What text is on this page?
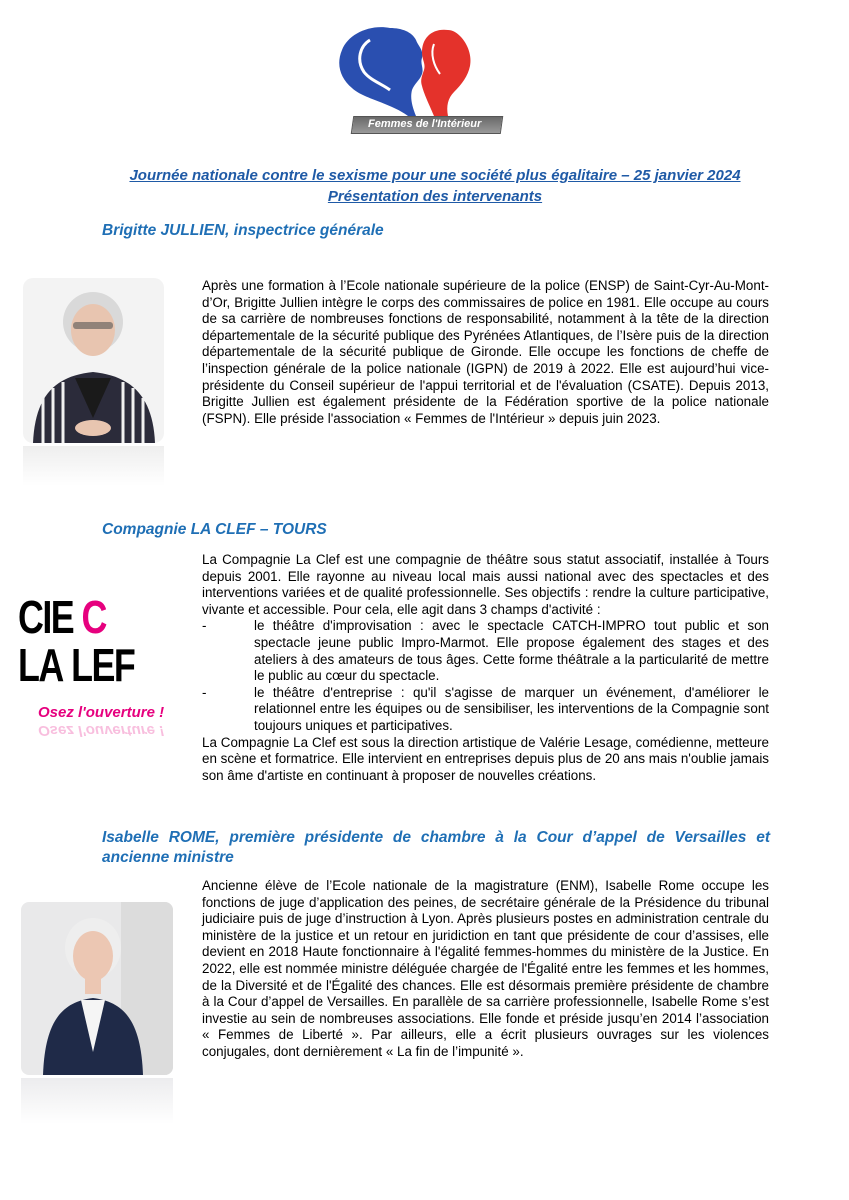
Femmes de l'Intérieur
Journée nationale contre le sexisme pour une société plus égalitaire – 25 janvier 2024
Présentation des intervenants
Brigitte JULLIEN, inspectrice générale

Après une formation à l’Ecole nationale supérieure de la police (ENSP) de Saint-Cyr-Au-Mont-d’Or, Brigitte Jullien intègre le corps des commissaires de police en 1981. Elle occupe au cours de sa carrière de nombreuses fonctions de responsabilité, notamment à la tête de la direction départementale de la sécurité publique des Pyrénées Atlantiques, de l’Isère puis de la direction départementale de la sécurité publique de Gironde. Elle occupe les fonctions de cheffe de l’inspection générale de la police nationale (IGPN) de 2019 à 2022. Elle est aujourd’hui vice-présidente du Conseil supérieur de l'appui territorial et de l'évaluation (CSATE). Depuis 2013, Brigitte Jullien est également présidente de la Fédération sportive de la police nationale (FSPN). Elle préside l'association « Femmes de l'Intérieur » depuis juin 2023.

Compagnie LA CLEF – TOURS
CIE C
LA LEF
Osez l'ouverture !
Osez l'ouverture !

La Compagnie La Clef est une compagnie de théâtre sous statut associatif, installée à Tours depuis 2001. Elle rayonne au niveau local mais aussi national avec des spectacles et des interventions variées et de qualité professionnelle. Ses objectifs : rendre la culture participative, vivante et accessible. Pour cela, elle agit dans 3 champs d'activité :

-	le théâtre d'improvisation : avec le spectacle CATCH-IMPRO tout public et son spectacle jeune public Impro-Marmot. Elle propose également des stages et des ateliers à des amateurs de tous âges. Cette forme théâtrale a la particularité de mettre le public au cœur du spectacle.
-	le théâtre d'entreprise : qu'il s'agisse de marquer un événement, d'améliorer le relationnel entre les équipes ou de sensibiliser, les interventions de la Compagnie sont toujours uniques et participatives.

La Compagnie La Clef est sous la direction artistique de Valérie Lesage, comédienne, metteure en scène et formatrice. Elle intervient en entreprises depuis plus de 20 ans mais n'oublie jamais son âme d'artiste en continuant à proposer de nouvelles créations.

Isabelle ROME, première présidente de chambre à la Cour d’appel de Versailles et ancienne ministre

Ancienne élève de l’Ecole nationale de la magistrature (ENM), Isabelle Rome occupe les fonctions de juge d’application des peines, de secrétaire générale de la Présidence du tribunal judiciaire puis de juge d’instruction à Lyon. Après plusieurs postes en administration centrale du ministère de la justice et un retour en juridiction en tant que présidente de cour d’assises, elle devient en 2018 Haute fonctionnaire à l'égalité femmes-hommes du ministère de la Justice. En 2022, elle est nommée ministre déléguée chargée de l'Égalité entre les femmes et les hommes, de la Diversité et de l'Égalité des chances. Elle est désormais première présidente de chambre à la Cour d’appel de Versailles. En parallèle de sa carrière professionnelle, Isabelle Rome s’est investie au sein de nombreuses associations. Elle fonde et préside jusqu’en 2014 l’association « Femmes de Liberté ». Par ailleurs, elle a écrit plusieurs ouvrages sur les violences conjugales, dont dernièrement « La fin de l’impunité ».
